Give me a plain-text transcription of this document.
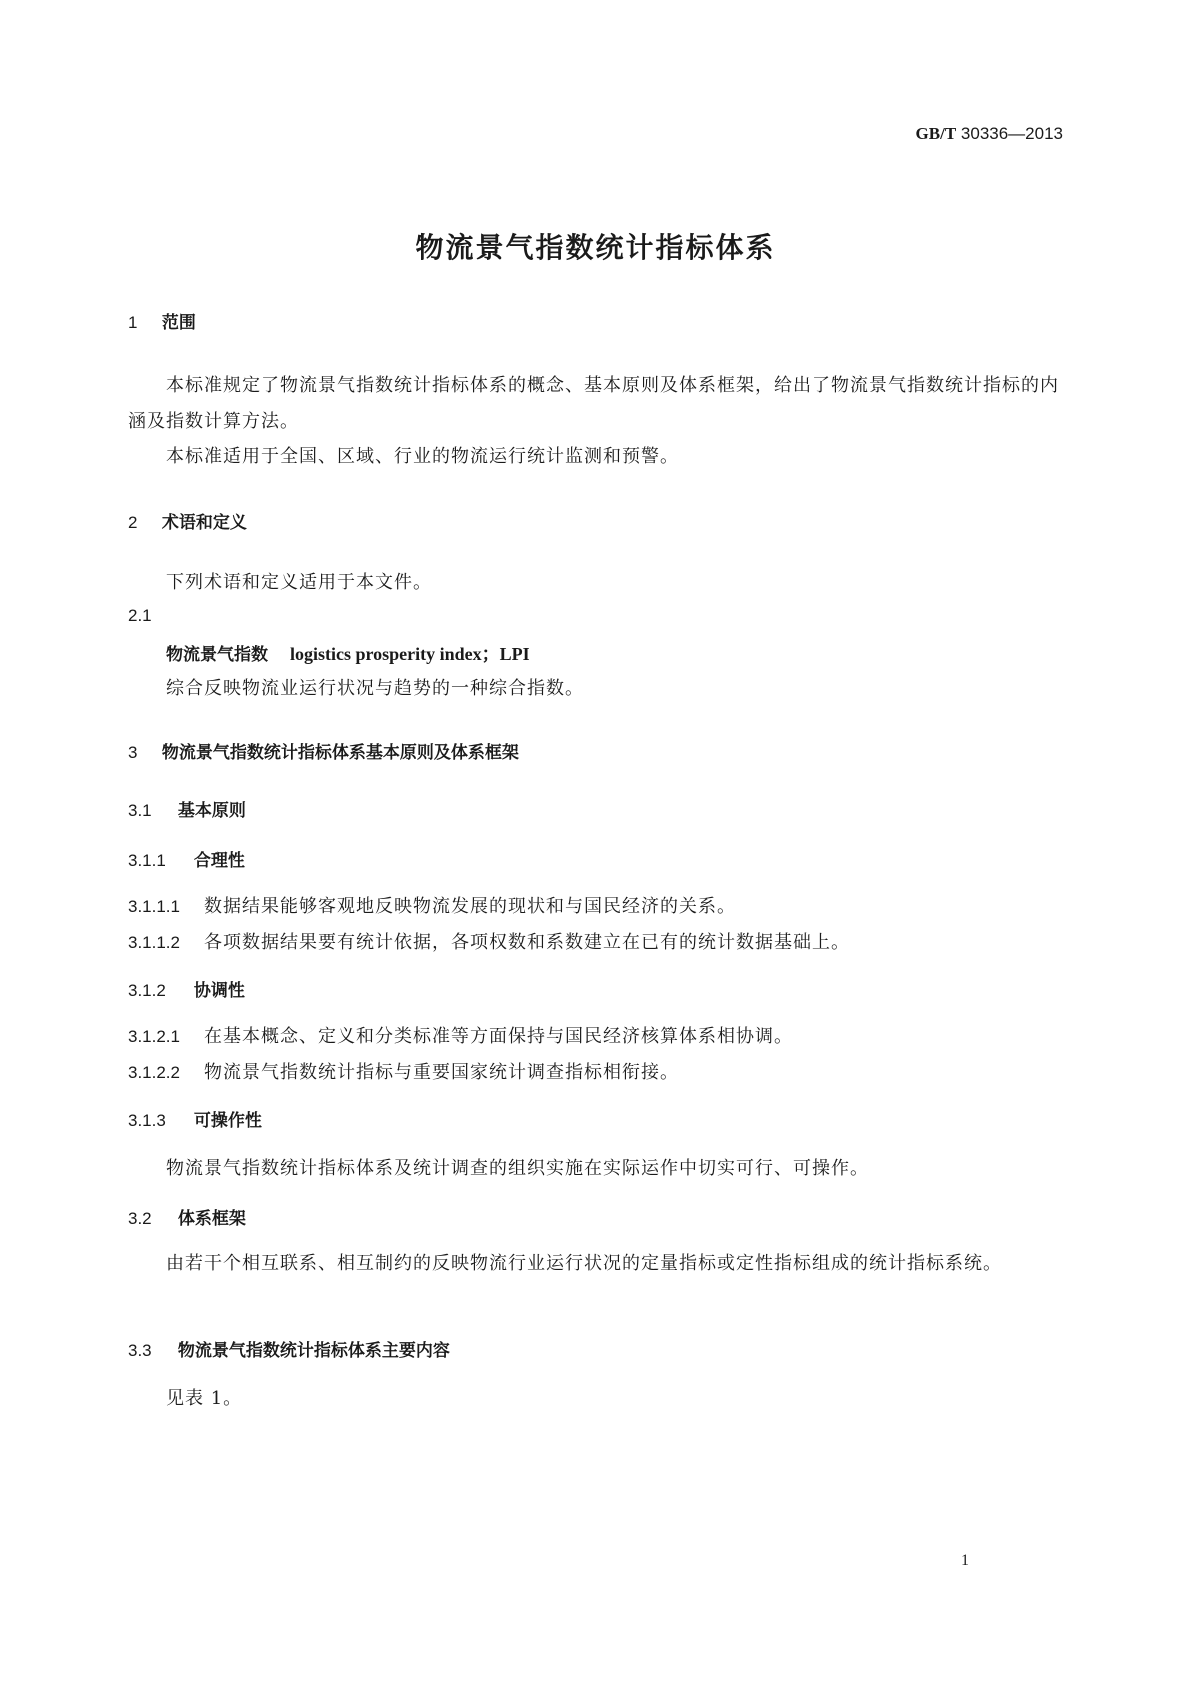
GB/T 30336—2013
物流景气指数统计指标体系
1 范围
本标准规定了物流景气指数统计指标体系的概念、基本原则及体系框架，给出了物流景气指数统计指标的内涵及指数计算方法。
本标准适用于全国、区域、行业的物流运行统计监测和预警。
2 术语和定义
下列术语和定义适用于本文件。
2.1
物流景气指数 logistics prosperity index；LPI
综合反映物流业运行状况与趋势的一种综合指数。
3 物流景气指数统计指标体系基本原则及体系框架
3.1 基本原则
3.1.1 合理性
3.1.1.1 数据结果能够客观地反映物流发展的现状和与国民经济的关系。
3.1.1.2 各项数据结果要有统计依据，各项权数和系数建立在已有的统计数据基础上。
3.1.2 协调性
3.1.2.1 在基本概念、定义和分类标准等方面保持与国民经济核算体系相协调。
3.1.2.2 物流景气指数统计指标与重要国家统计调查指标相衔接。
3.1.3 可操作性
物流景气指数统计指标体系及统计调查的组织实施在实际运作中切实可行、可操作。
3.2 体系框架
由若干个相互联系、相互制约的反映物流行业运行状况的定量指标或定性指标组成的统计指标系统。
3.3 物流景气指数统计指标体系主要内容
见表 1。
1
